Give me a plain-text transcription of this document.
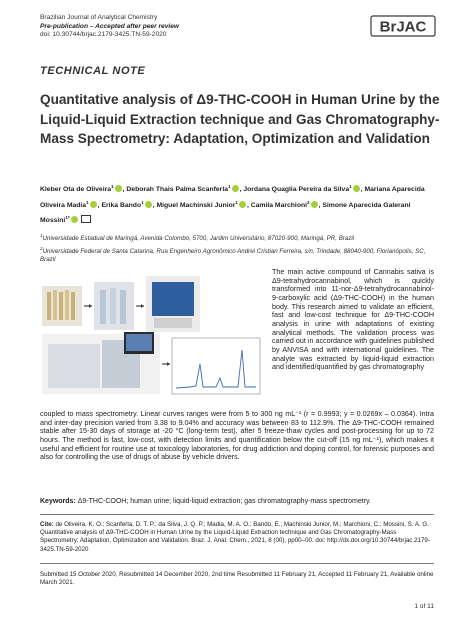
Brazilian Journal of Analytical Chemistry
Pre-publication – Accepted after peer review
doi: 10.30744/brjac.2179-3425.TN-59-2020	BrJAC
TECHNICAL NOTE
Quantitative analysis of Δ9-THC-COOH in Human Urine by the Liquid-Liquid Extraction technique and Gas Chromatography-Mass Spectrometry: Adaptation, Optimization and Validation
Kleber Ota de Oliveira$^1$ , Deborah Thais Palma Scanferla$^1$ , Jordana Quaglia Pereira da Silva$^1$ , Mariana Aparecida Oliveira Madia$^1$ , Erika Bando$^1$ , Miguel Machinski Junior$^1$ , Camila Marchioni$^2$ , Simone Aparecida Galerani Mossini$^{1*}$

$^1$Universidade Estadual de Maringá, Avenida Colombo, 5700, Jardim Universitário, 87020-900, Maringá, PR, Brazil

$^2$Universidade Federal de Santa Catarina, Rua Engenheiro Agronômico Andrei Cristian Ferreira, s/n, Trindade, 88040-900, Florianópolis, SC, Brazil

The main active compound of Cannabis sativa is Δ9-tetrahydrocannabinol, which is quickly transformed into 11-nor-Δ9-tetrahydrocannabinol-9-carboxylic acid (Δ9-THC-COOH) in the human body. This research aimed to validate an efficient, fast and low-cost technique for Δ9-THC-COOH analysis in urine with adaptations of existing analytical methods. The validation process was carried out in accordance with guidelines published by ANVISA and with international guidelines. The analyte was extracted by liquid-liquid extraction and identified/quantified by gas chromatography
coupled to mass spectrometry. Linear curves ranges were from 5 to 300 ng mL⁻¹ (r = 0.9993; y = 0.0269x – 0.0364). Intra and inter-day precision varied from 3.38 to 9.04% and accuracy was between 83 to 112.9%. The Δ9-THC-COOH remained stable after 15-30 days of storage at -20 °C (long-term test), after 5 freeze-thaw cycles and post-processing for up to 72 hours. The method is fast, low-cost, with detection limits and quantification below the cut-off (15 ng mL⁻¹), which makes it useful and efficient for routine use at toxicology laboratories, for drug addiction and doping control, for forensic purposes and also for controlling the use of drugs of abuse by vehicle drivers.
Keywords: Δ9-THC-COOH; human urine; liquid-liquid extraction; gas chromatography-mass spectrometry.
Cite: de Oliveira, K. O.; Scanferla, D. T. P.; da Silva, J. Q. P.; Madia, M. A. O.; Bando, E.; Machinski Junior, M.; Marchioni, C.; Mossini, S. A. G. Quantitative analysis of Δ9-THC-COOH in Human Urine by the Liquid-Liquid Extraction technique and Gas Chromatography-Mass Spectrometry: Adaptation, Optimization and Validation. Braz. J. Anal. Chem., 2021, 8 (00), pp00–00. doi: http://dx.doi.org/10.30744/brjac.2179-3425.TN-59-2020
Submitted 15 October 2020, Resubmitted 14 December 2020, 2nd time Resubmitted 11 February 21, Accepted 11 February 21, Available online March 2021.
1 of 11
